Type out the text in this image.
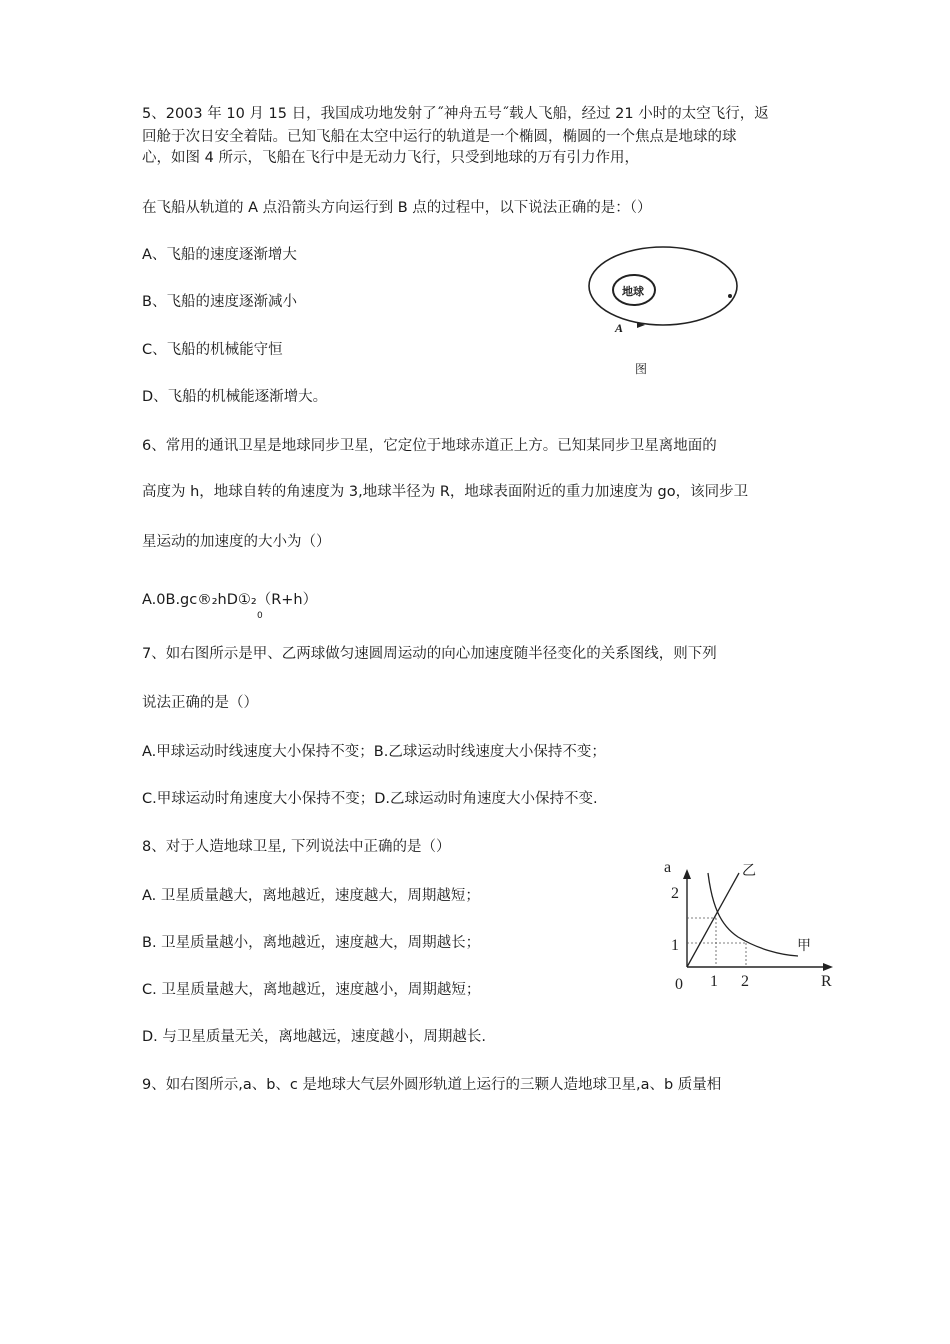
5、2003 年 10 月 15 日，我国成功地发射了˝神舟五号˝载人飞船，经过 21 小时的太空飞行，返
回舱于次日安全着陆。已知飞船在太空中运行的轨道是一个椭圆，椭圆的一个焦点是地球的球
心，如图 4 所示，飞船在飞行中是无动力飞行，只受到地球的万有引力作用，
在飞船从轨道的 A 点沿箭头方向运行到 B 点的过程中，以下说法正确的是：（）
A、飞船的速度逐渐增大
B、飞船的速度逐渐减小
C、飞船的机械能守恒
D、飞船的机械能逐渐增大。
地球
A
图
6、常用的通讯卫星是地球同步卫星，它定位于地球赤道正上方。已知某同步卫星离地面的
高度为 h，地球自转的角速度为 3,地球半径为 R，地球表面附近的重力加速度为 go，该同步卫
星运动的加速度的大小为（）
A.0B.gc®₂hD①₂（R+h）
0
7、如右图所示是甲、乙两球做匀速圆周运动的向心加速度随半径变化的关系图线，则下列
说法正确的是（）
A.甲球运动时线速度大小保持不变；B.乙球运动时线速度大小保持不变；
C.甲球运动时角速度大小保持不变；D.乙球运动时角速度大小保持不变.
8、对于人造地球卫星, 下列说法中正确的是（）
A. 卫星质量越大，离地越近，速度越大，周期越短；
B. 卫星质量越小，离地越近，速度越大，周期越长；
C. 卫星质量越大，离地越近，速度越小，周期越短；
D. 与卫星质量无关，离地越远，速度越小，周期越长.
9、如右图所示,a、b、c 是地球大气层外圆形轨道上运行的三颗人造地球卫星,a、b 质量相
a
R
0
2
1
1 2
乙
甲
